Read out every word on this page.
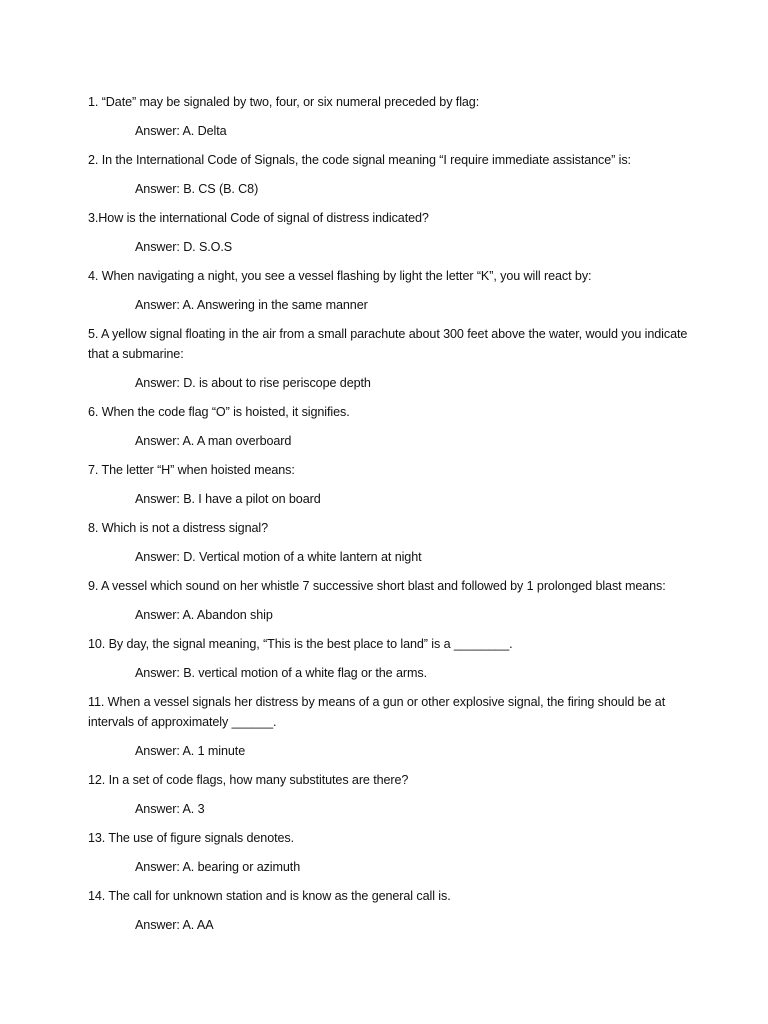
1. “Date” may be signaled by two, four, or six numeral preceded by flag:

Answer: A. Delta

2. In the International Code of Signals, the code signal meaning “I require immediate assistance” is:

Answer: B. CS (B. C8)

3.How is the international Code of signal of distress indicated?

Answer: D. S.O.S

4. When navigating a night, you see a vessel flashing by light the letter “K”, you will react by:

Answer: A. Answering in the same manner

5. A yellow signal floating in the air from a small parachute about 300 feet above the water, would you indicate that a submarine:

Answer: D. is about to rise periscope depth

6. When the code flag “O” is hoisted, it signifies.

Answer: A. A man overboard

7. The letter “H” when hoisted means:

Answer: B. I have a pilot on board

8. Which is not a distress signal?

Answer: D. Vertical motion of a white lantern at night

9. A vessel which sound on her whistle 7 successive short blast and followed by 1 prolonged blast means:

Answer: A. Abandon ship

10. By day, the signal meaning, “This is the best place to land” is a ________.

Answer: B. vertical motion of a white flag or the arms.

11. When a vessel signals her distress by means of a gun or other explosive signal, the firing should be at intervals of approximately ______.

Answer: A. 1 minute

12. In a set of code flags, how many substitutes are there?

Answer: A. 3

13. The use of figure signals denotes.

Answer: A. bearing or azimuth

14. The call for unknown station and is know as the general call is.

Answer: A. AA
